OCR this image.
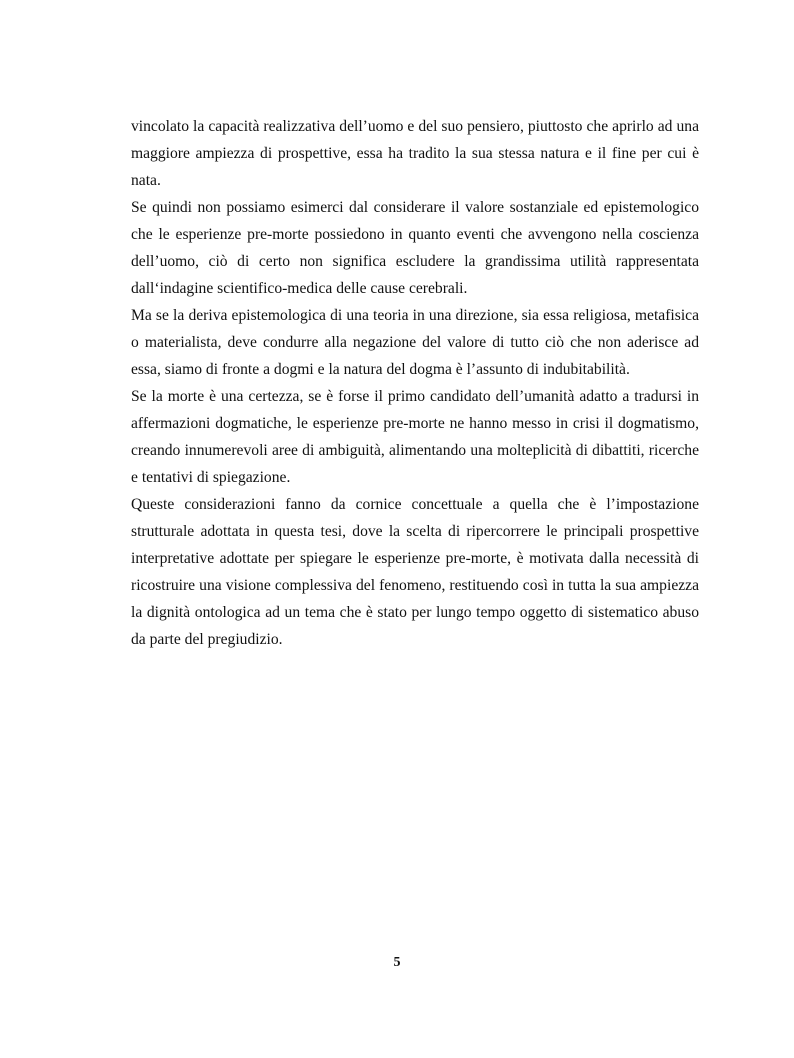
vincolato la capacità realizzativa dell’uomo e del suo pensiero, piuttosto che aprirlo ad una maggiore ampiezza di prospettive, essa ha tradito la sua stessa natura e il fine per cui è nata.

Se quindi non possiamo esimerci dal considerare il valore sostanziale ed epistemologico che le esperienze pre-morte possiedono in quanto eventi che avvengono nella coscienza dell’uomo, ciò di certo non significa escludere la grandissima utilità rappresentata dall‘indagine scientifico-medica delle cause cerebrali.

Ma se la deriva epistemologica di una teoria in una direzione, sia essa religiosa, metafisica o materialista, deve condurre alla negazione del valore di tutto ciò che non aderisce ad essa, siamo di fronte a dogmi e la natura del dogma è l’assunto di indubitabilità.

Se la morte è una certezza, se è forse il primo candidato dell’umanità adatto a tradursi in affermazioni dogmatiche, le esperienze pre-morte ne hanno messo in crisi il dogmatismo, creando innumerevoli aree di ambiguità, alimentando una molteplicità di dibattiti, ricerche e tentativi di spiegazione.

Queste considerazioni fanno da cornice concettuale a quella che è l’impostazione strutturale adottata in questa tesi, dove la scelta di ripercorrere le principali prospettive interpretative adottate per spiegare le esperienze pre-morte, è motivata dalla necessità di ricostruire una visione complessiva del fenomeno, restituendo così in tutta la sua ampiezza la dignità ontologica ad un tema che è stato per lungo tempo oggetto di sistematico abuso da parte del pregiudizio.

5
